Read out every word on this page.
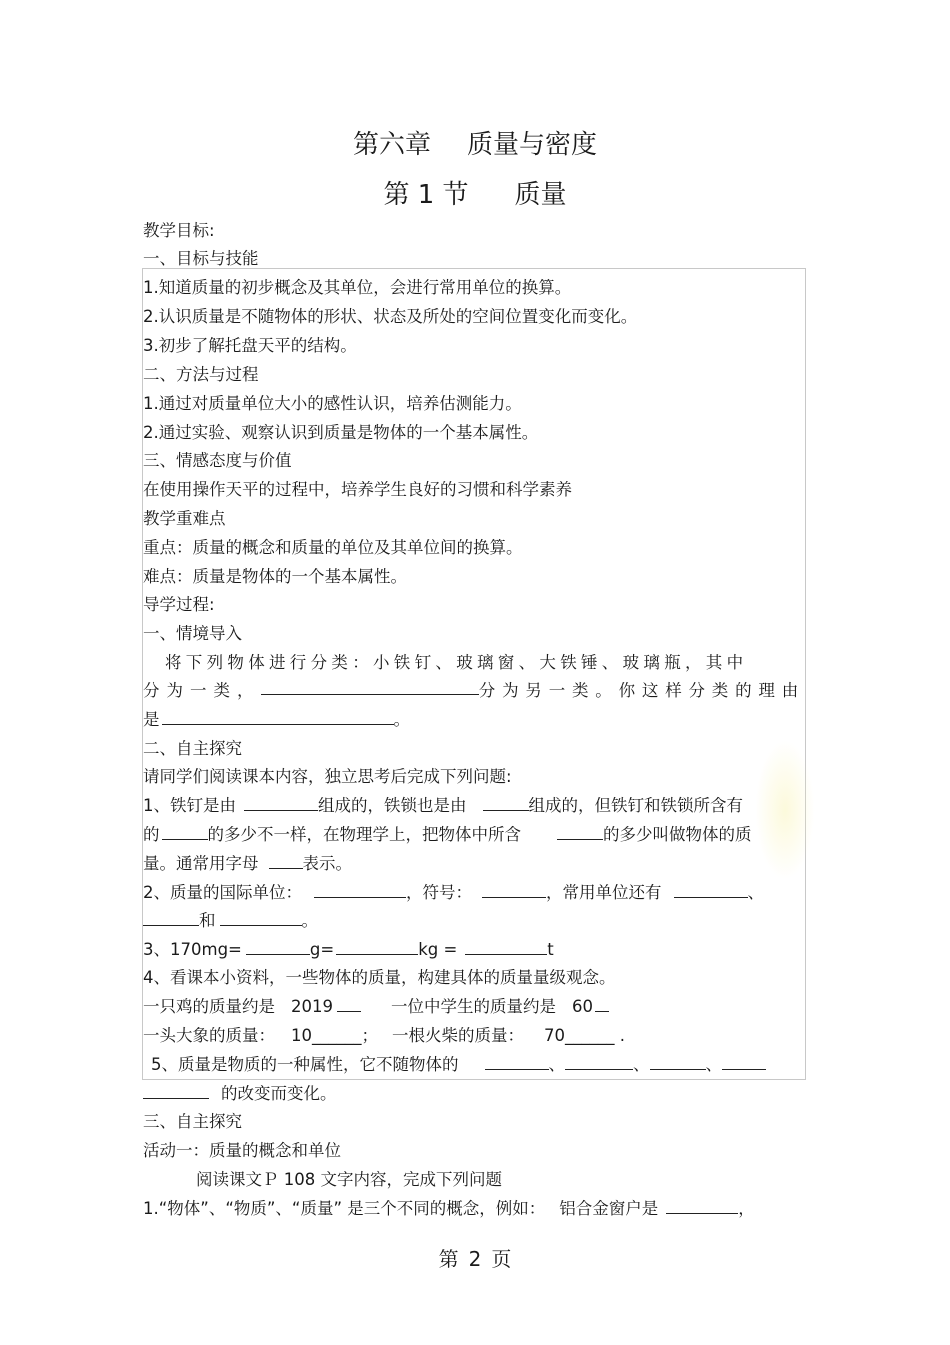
第六章 质量与密度
第 1 节 质量
教学目标:
一、目标与技能
1.知道质量的初步概念及其单位，会进行常用单位的换算。
2.认识质量是不随物体的形状、状态及所处的空间位置变化而变化。
3.初步了解托盘天平的结构。
二、方法与过程
1.通过对质量单位大小的感性认识，培养估测能力。
2.通过实验、观察认识到质量是物体的一个基本属性。
三、情感态度与价值
在使用操作天平的过程中，培养学生良好的习惯和科学素养
教学重难点
重点：质量的概念和质量的单位及其单位间的换算。
难点：质量是物体的一个基本属性。
导学过程:
一、情境导入
将下列物体进行分类：小铁钉、玻璃窗、大铁锤、玻璃瓶，其中
分为一类，	分为另一类。你这样分类的理由
是	。
二、自主探究
请同学们阅读课本内容，独立思考后完成下列问题:
1、铁钉是由	组成的，铁锁也是由	组成的，但铁钉和铁锁所含有
的	的多少不一样，在物理学上，把物体中所含	的多少叫做物体的质
量。通常用字母	表示。
2、质量的国际单位：	，符号：	，常用单位还有	、
和	。
3、170mg=	g=	kg =	t
4、看课本小资料，一些物体的质量，构建具体的质量量级观念。
一只鸡的质量约是 2019	一位中学生的质量约是 60
一头大象的质量： 10______； 一根火柴的质量： 70______ .
5、质量是物质的一种属性，它不随物体的	、	、	、
的改变而变化。
三、自主探究
活动一：质量的概念和单位
阅读课文Ｐ 108 文字内容，完成下列问题
1.“物体”、“物质”、“质量” 是三个不同的概念，例如： 铝合金窗户是	，
第 2 页
